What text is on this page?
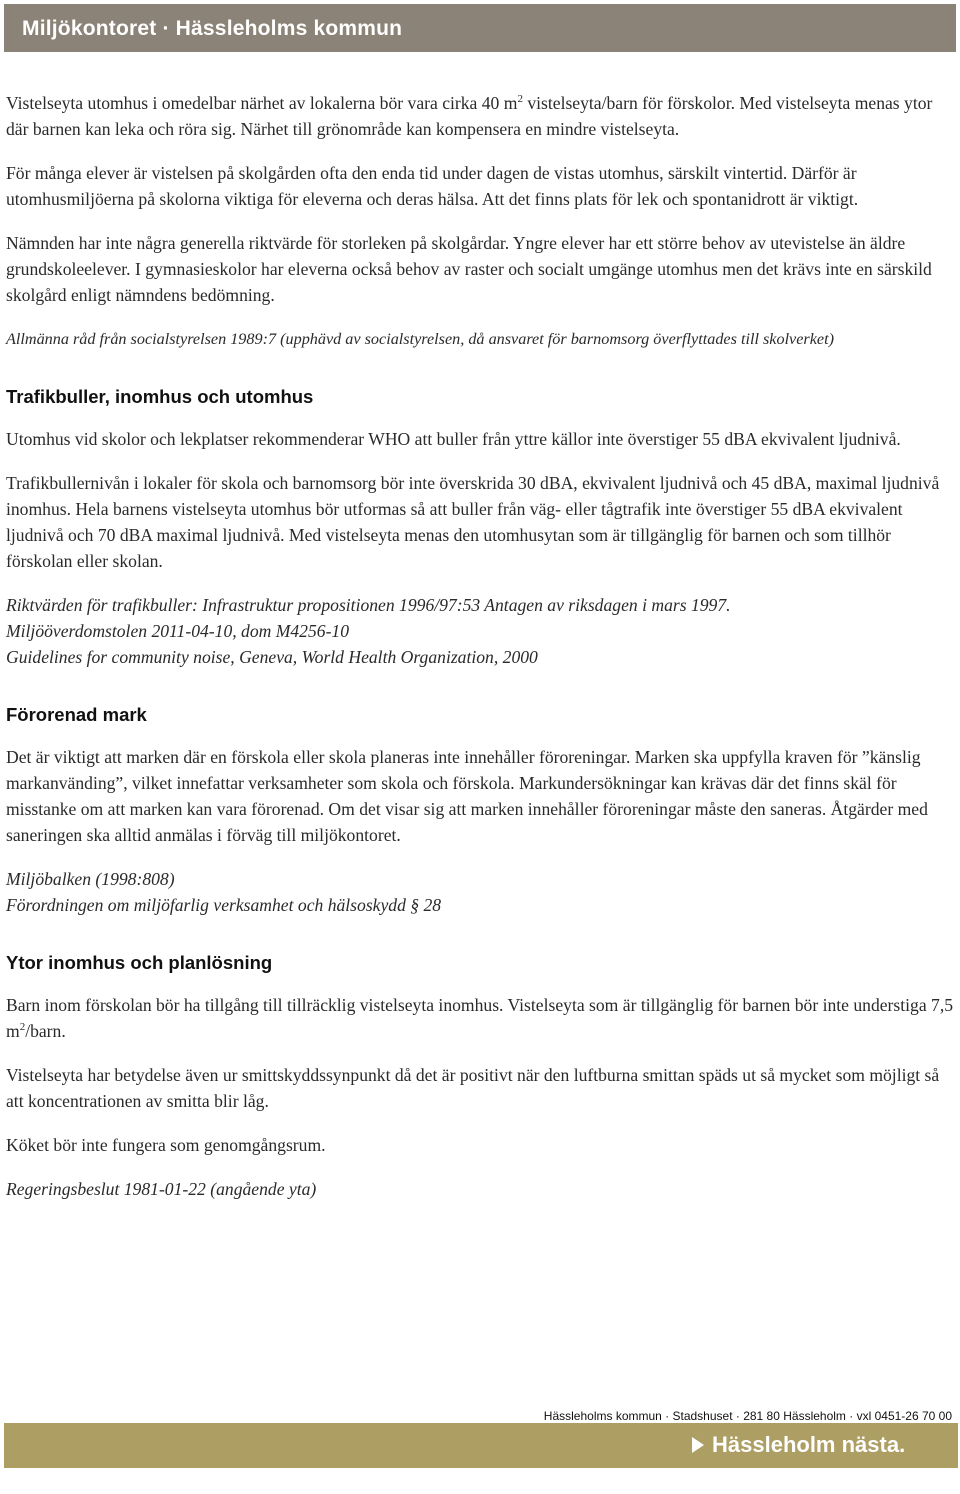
Miljökontoret · Hässleholms kommun

Vistelseyta utomhus i omedelbar närhet av lokalerna bör vara cirka 40 $m^2$ vistelseyta/barn för förskolor. Med vistelseyta menas ytor där barnen kan leka och röra sig. Närhet till grönområde kan kompensera en mindre vistelseyta.

För många elever är vistelsen på skolgården ofta den enda tid under dagen de vistas utomhus, särskilt vintertid. Därför är utomhusmiljöerna på skolorna viktiga för eleverna och deras hälsa. Att det finns plats för lek och spontanidrott är viktigt.

Nämnden har inte några generella riktvärde för storleken på skolgårdar. Yngre elever har ett större behov av utevistelse än äldre grundskoleelever. I gymnasieskolor har eleverna också behov av raster och socialt umgänge utomhus men det krävs inte en särskild skolgård enligt nämndens bedömning.

Allmänna råd från socialstyrelsen 1989:7 (upphävd av socialstyrelsen, då ansvaret för barnomsorg överflyttades till skolverket)

Trafikbuller, inomhus och utomhus

Utomhus vid skolor och lekplatser rekommenderar WHO att buller från yttre källor inte överstiger 55 dBA ekvivalent ljudnivå.

Trafikbullernivån i lokaler för skola och barnomsorg bör inte överskrida 30 dBA, ekvivalent ljudnivå och 45 dBA, maximal ljudnivå inomhus. Hela barnens vistelseyta utomhus bör utformas så att buller från väg- eller tågtrafik inte överstiger 55 dBA ekvivalent ljudnivå och 70 dBA maximal ljudnivå. Med vistelseyta menas den utomhusytan som är tillgänglig för barnen och som tillhör förskolan eller skolan.

Riktvärden för trafikbuller: Infrastruktur propositionen 1996/97:53 Antagen av riksdagen i mars 1997.

Miljööverdomstolen 2011-04-10, dom M4256-10

Guidelines for community noise, Geneva, World Health Organization, 2000

Förorenad mark

Det är viktigt att marken där en förskola eller skola planeras inte innehåller föroreningar. Marken ska uppfylla kraven för ”känslig markanvänding”, vilket innefattar verksamheter som skola och förskola. Markundersökningar kan krävas där det finns skäl för misstanke om att marken kan vara förorenad. Om det visar sig att marken innehåller föroreningar måste den saneras. Åtgärder med saneringen ska alltid anmälas i förväg till miljökontoret.

Miljöbalken (1998:808)

Förordningen om miljöfarlig verksamhet och hälsoskydd § 28

Ytor inomhus och planlösning

Barn inom förskolan bör ha tillgång till tillräcklig vistelseyta inomhus. Vistelseyta som är tillgänglig för barnen bör inte understiga 7,5 $m^2$/barn.

Vistelseyta har betydelse även ur smittskyddssynpunkt då det är positivt när den luftburna smittan späds ut så mycket som möjligt så att koncentrationen av smitta blir låg.

Köket bör inte fungera som genomgångsrum.

Regeringsbeslut 1981-01-22 (angående yta)

Hässleholms kommun · Stadshuset · 281 80 Hässleholm · vxl 0451-26 70 00
Hässleholm nästa.
